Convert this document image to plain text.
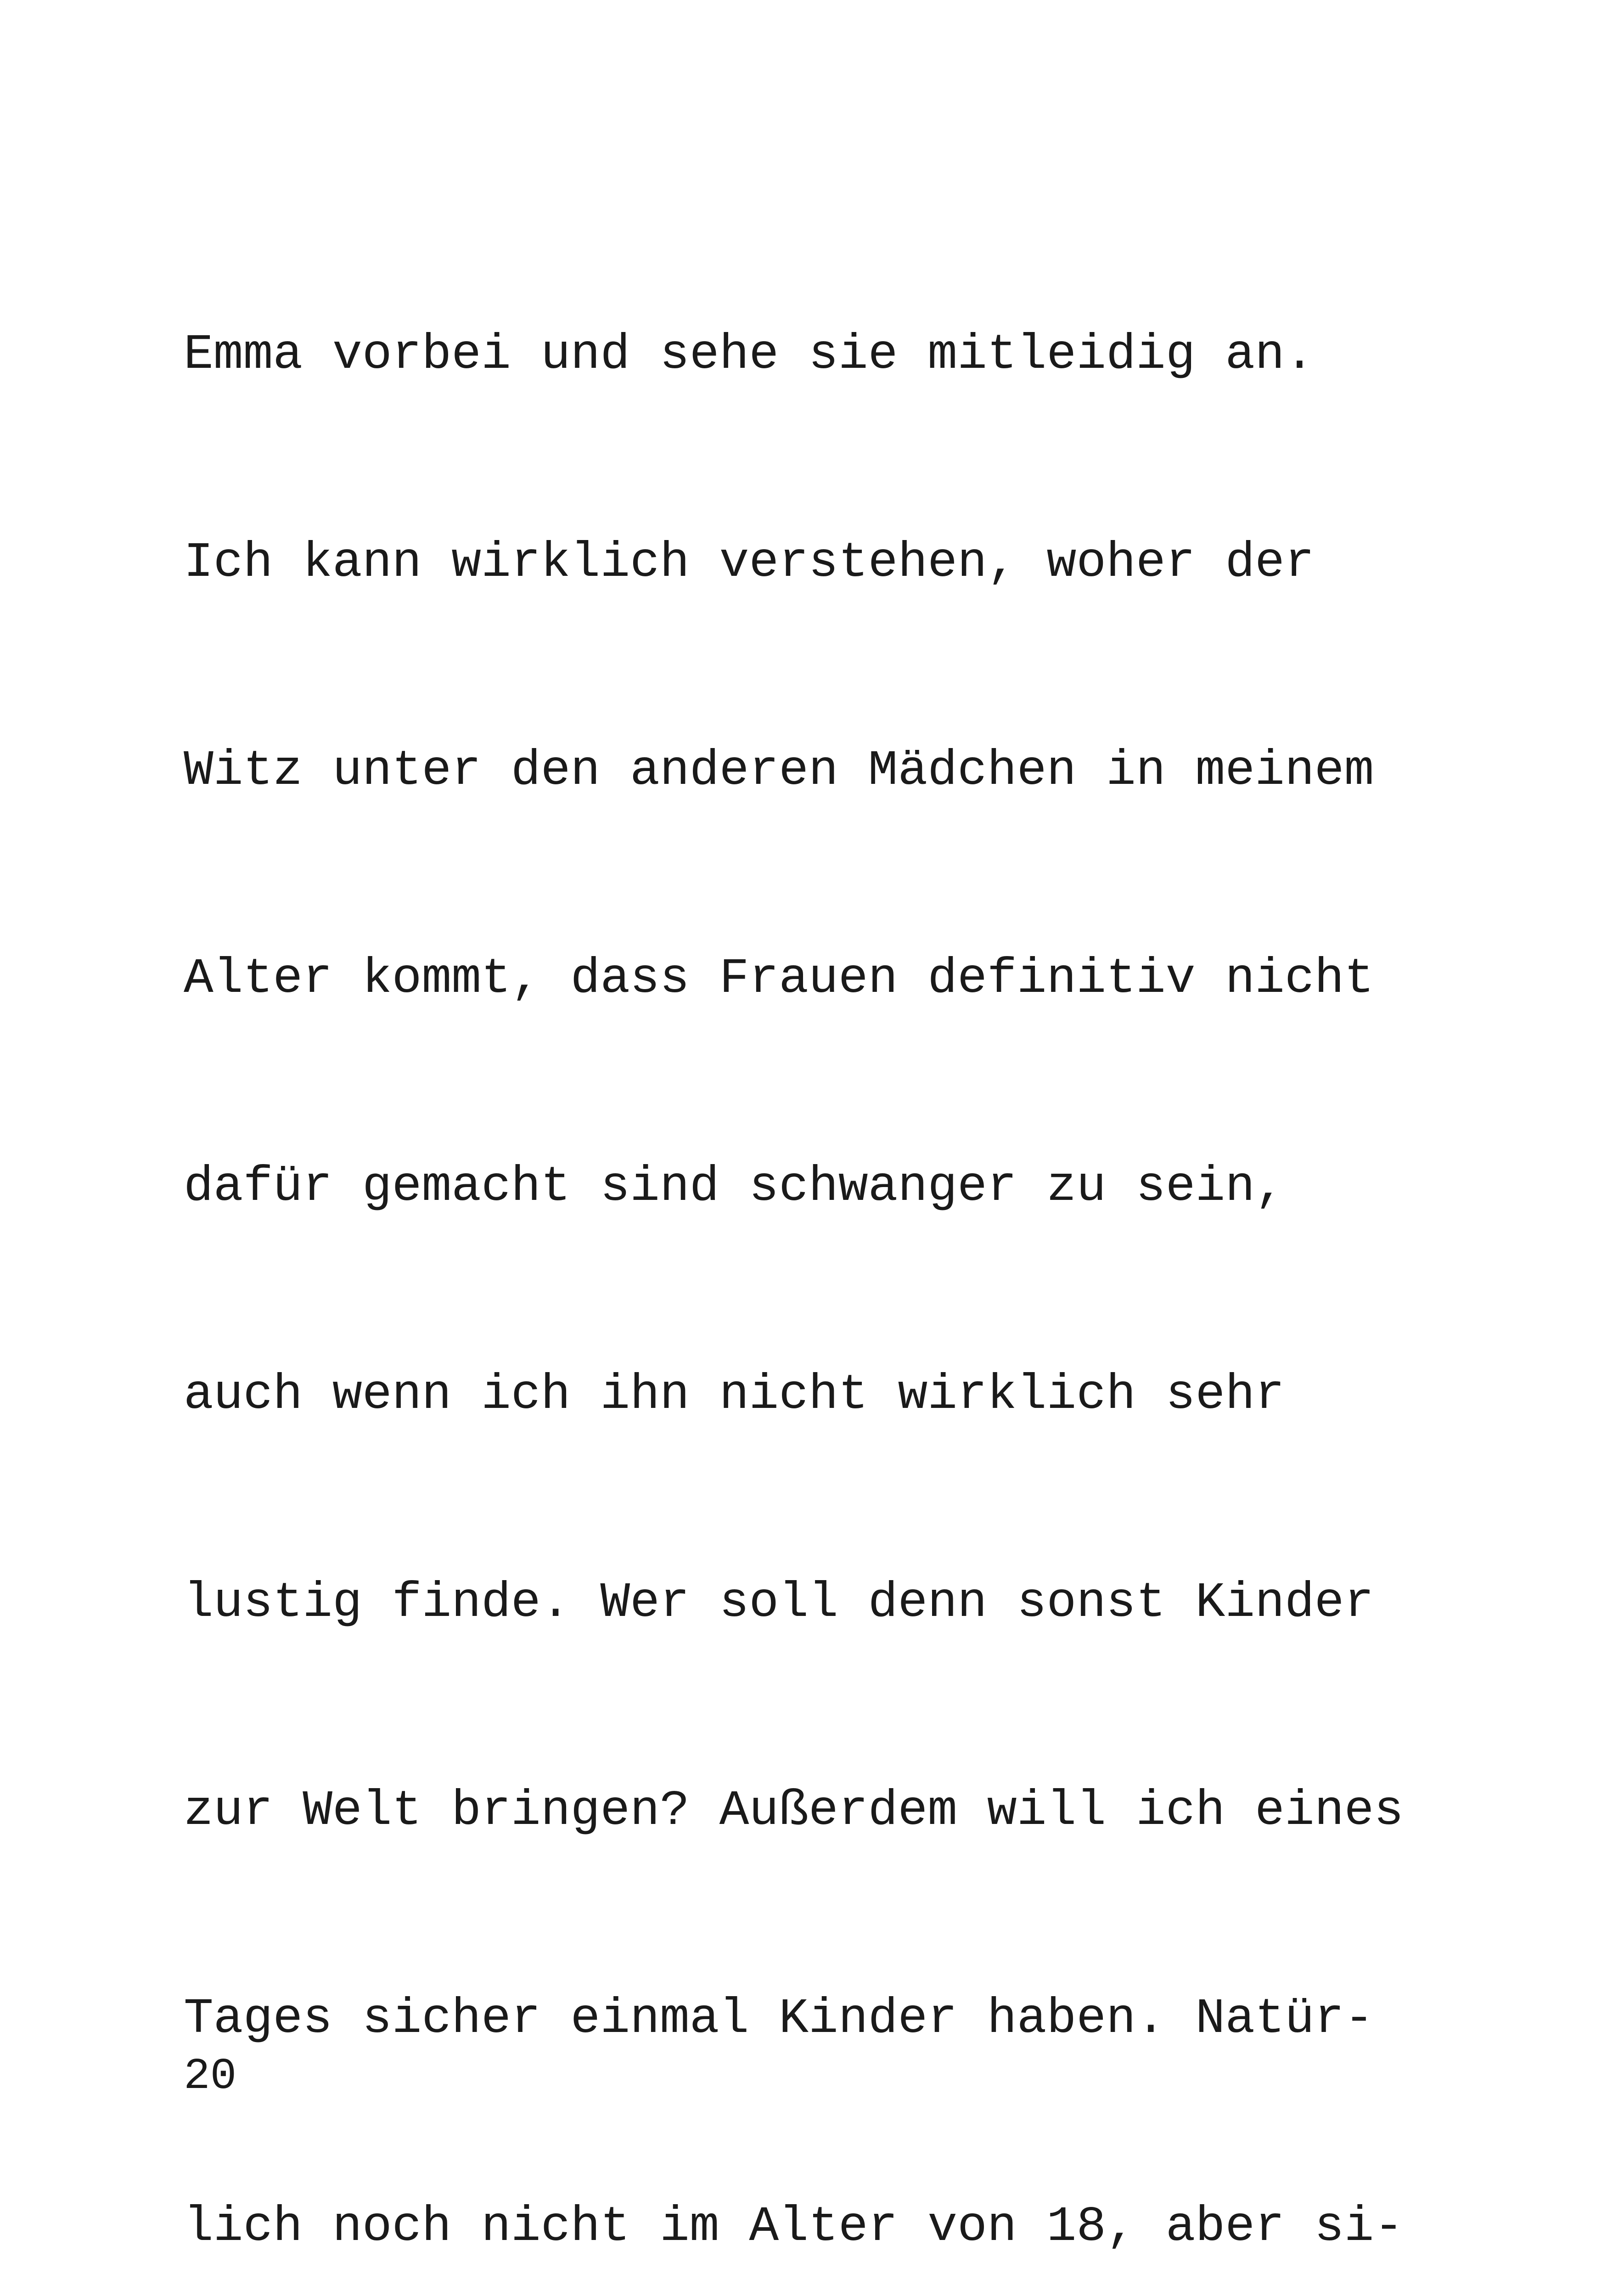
Emma vorbei und sehe sie mitleidig an.

Ich kann wirklich verstehen, woher der

Witz unter den anderen Mädchen in meinem

Alter kommt, dass Frauen definitiv nicht

dafür gemacht sind schwanger zu sein,

auch wenn ich ihn nicht wirklich sehr

lustig finde. Wer soll denn sonst Kinder

zur Welt bringen? Außerdem will ich eines

Tages sicher einmal Kinder haben. Natür-

lich noch nicht im Alter von 18, aber si-

20
